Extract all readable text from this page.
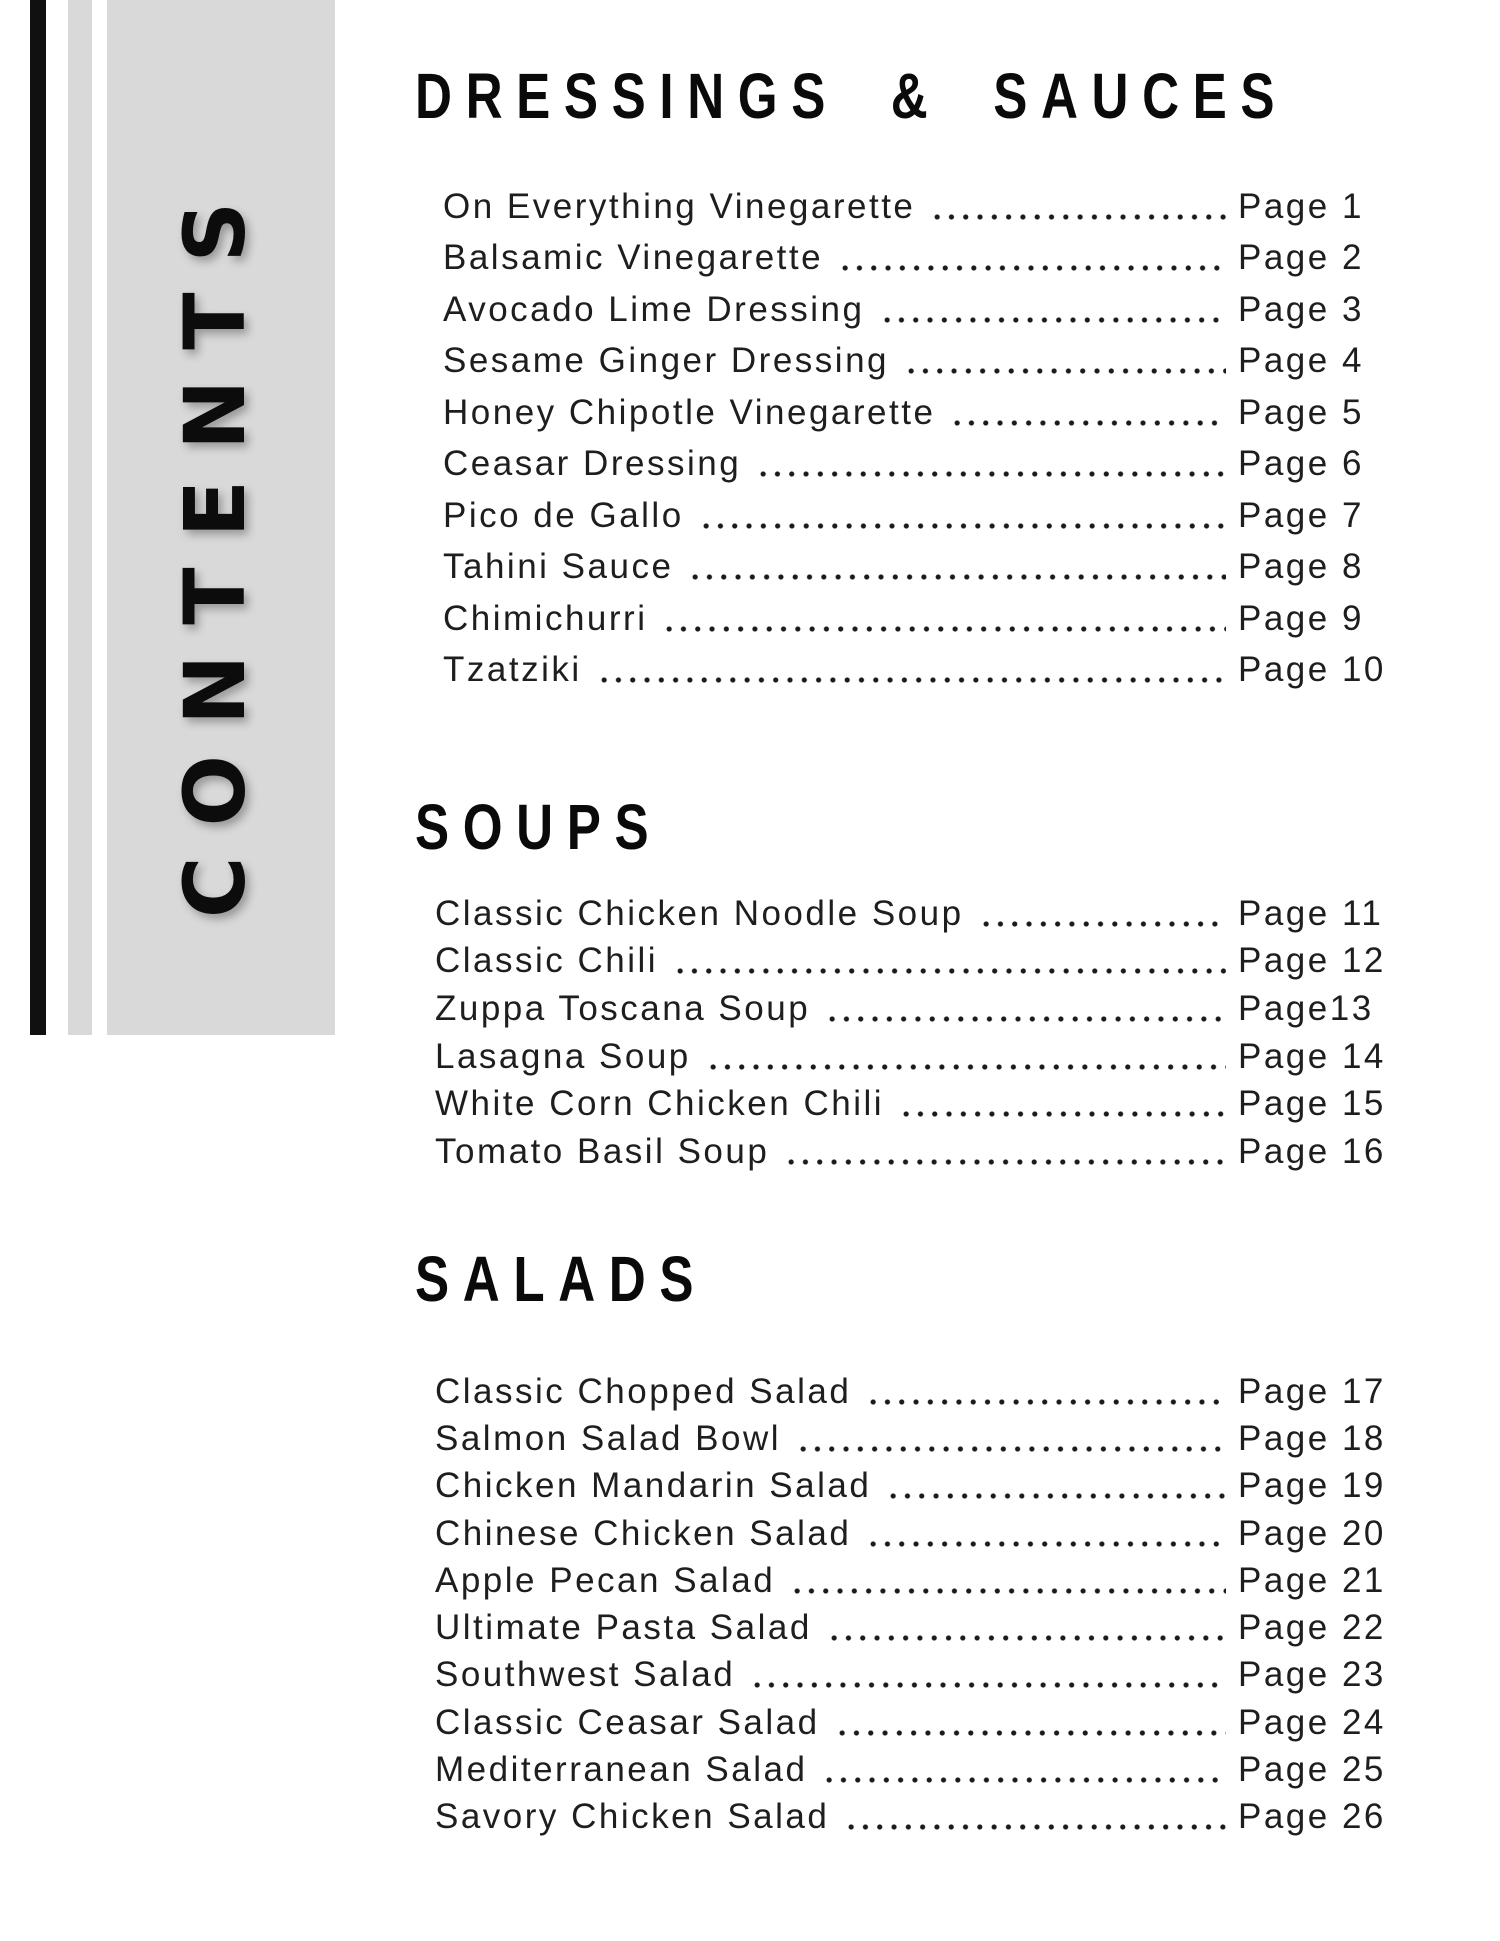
CONTENTS
DRESSINGS & SAUCES
SOUPS
SALADS
On Everything Vinegarette	Page 1
Balsamic Vinegarette	Page 2
Avocado Lime Dressing	Page 3
Sesame Ginger Dressing	Page 4
Honey Chipotle Vinegarette	Page 5
Ceasar Dressing	Page 6
Pico de Gallo	Page 7
Tahini Sauce	Page 8
Chimichurri	Page 9
Tzatziki	Page 10
Classic Chicken Noodle Soup	Page 11
Classic Chili	Page 12
Zuppa Toscana Soup	Page13
Lasagna Soup	Page 14
White Corn Chicken Chili	Page 15
Tomato Basil Soup	Page 16
Classic Chopped Salad	Page 17
Salmon Salad Bowl	Page 18
Chicken Mandarin Salad	Page 19
Chinese Chicken Salad	Page 20
Apple Pecan Salad	Page 21
Ultimate Pasta Salad	Page 22
Southwest Salad	Page 23
Classic Ceasar Salad	Page 24
Mediterranean Salad	Page 25
Savory Chicken Salad	Page 26
